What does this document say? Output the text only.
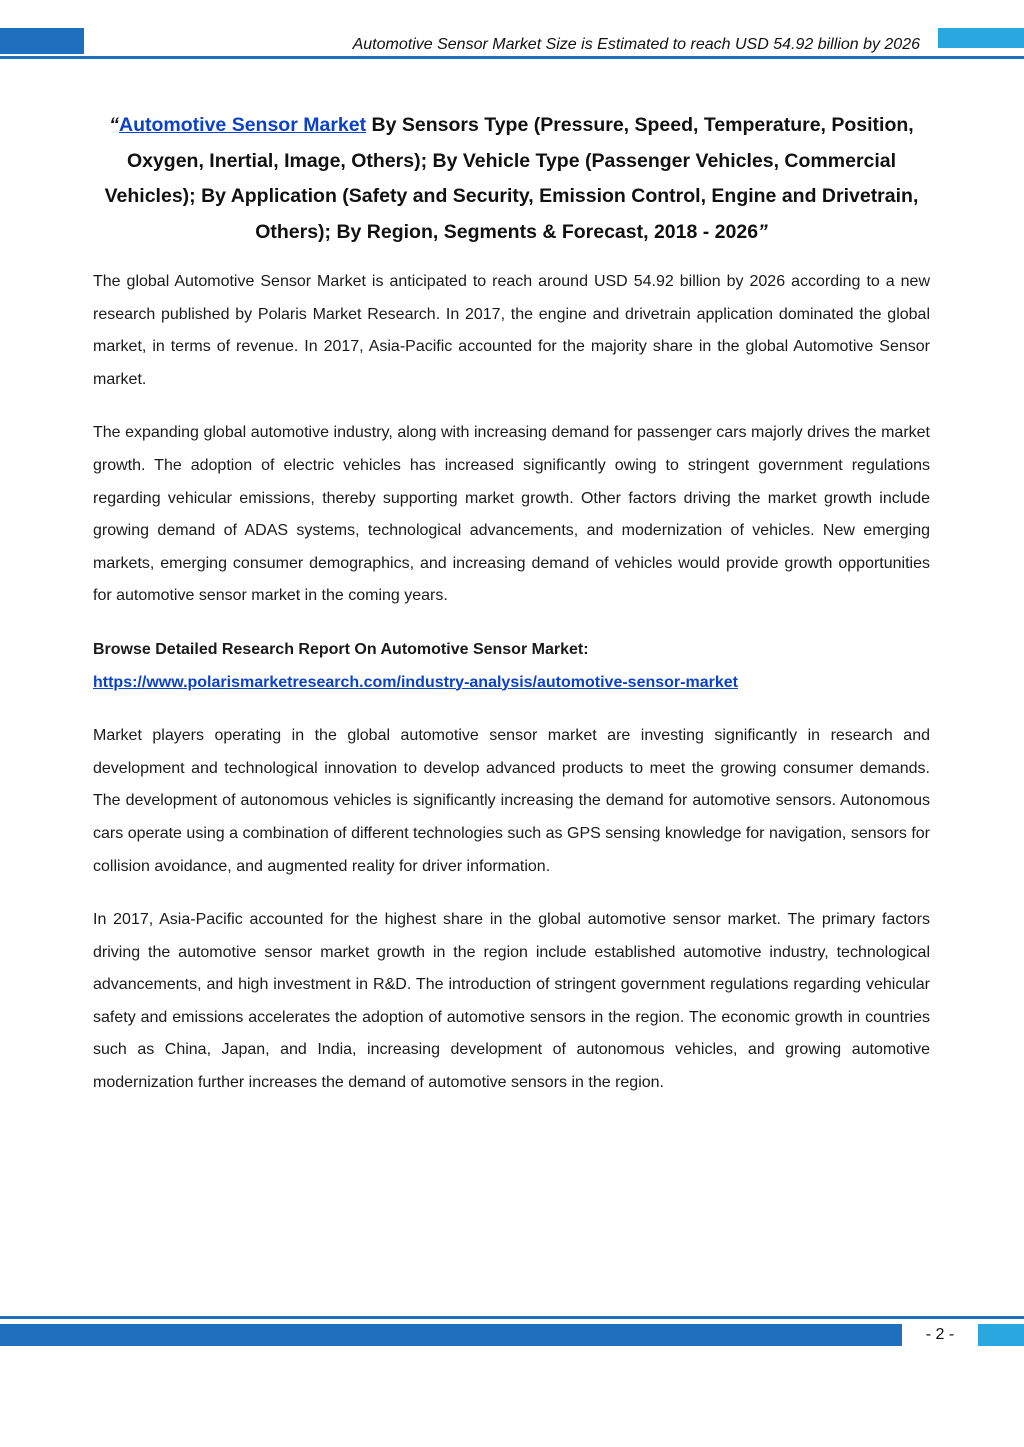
Automotive Sensor Market Size is Estimated to reach USD 54.92 billion by 2026
“Automotive Sensor Market By Sensors Type (Pressure, Speed, Temperature, Position, Oxygen, Inertial, Image, Others); By Vehicle Type (Passenger Vehicles, Commercial Vehicles); By Application (Safety and Security, Emission Control, Engine and Drivetrain, Others); By Region, Segments & Forecast, 2018 - 2026”

The global Automotive Sensor Market is anticipated to reach around USD 54.92 billion by 2026 according to a new research published by Polaris Market Research. In 2017, the engine and drivetrain application dominated the global market, in terms of revenue. In 2017, Asia-Pacific accounted for the majority share in the global Automotive Sensor market.

The expanding global automotive industry, along with increasing demand for passenger cars majorly drives the market growth. The adoption of electric vehicles has increased significantly owing to stringent government regulations regarding vehicular emissions, thereby supporting market growth. Other factors driving the market growth include growing demand of ADAS systems, technological advancements, and modernization of vehicles. New emerging markets, emerging consumer demographics, and increasing demand of vehicles would provide growth opportunities for automotive sensor market in the coming years.

Browse Detailed Research Report On Automotive Sensor Market:
https://www.polarismarketresearch.com/industry-analysis/automotive-sensor-market

Market players operating in the global automotive sensor market are investing significantly in research and development and technological innovation to develop advanced products to meet the growing consumer demands. The development of autonomous vehicles is significantly increasing the demand for automotive sensors. Autonomous cars operate using a combination of different technologies such as GPS sensing knowledge for navigation, sensors for collision avoidance, and augmented reality for driver information.

In 2017, Asia-Pacific accounted for the highest share in the global automotive sensor market. The primary factors driving the automotive sensor market growth in the region include established automotive industry, technological advancements, and high investment in R&D. The introduction of stringent government regulations regarding vehicular safety and emissions accelerates the adoption of automotive sensors in the region. The economic growth in countries such as China, Japan, and India, increasing development of autonomous vehicles, and growing automotive modernization further increases the demand of automotive sensors in the region.

- 2 -
